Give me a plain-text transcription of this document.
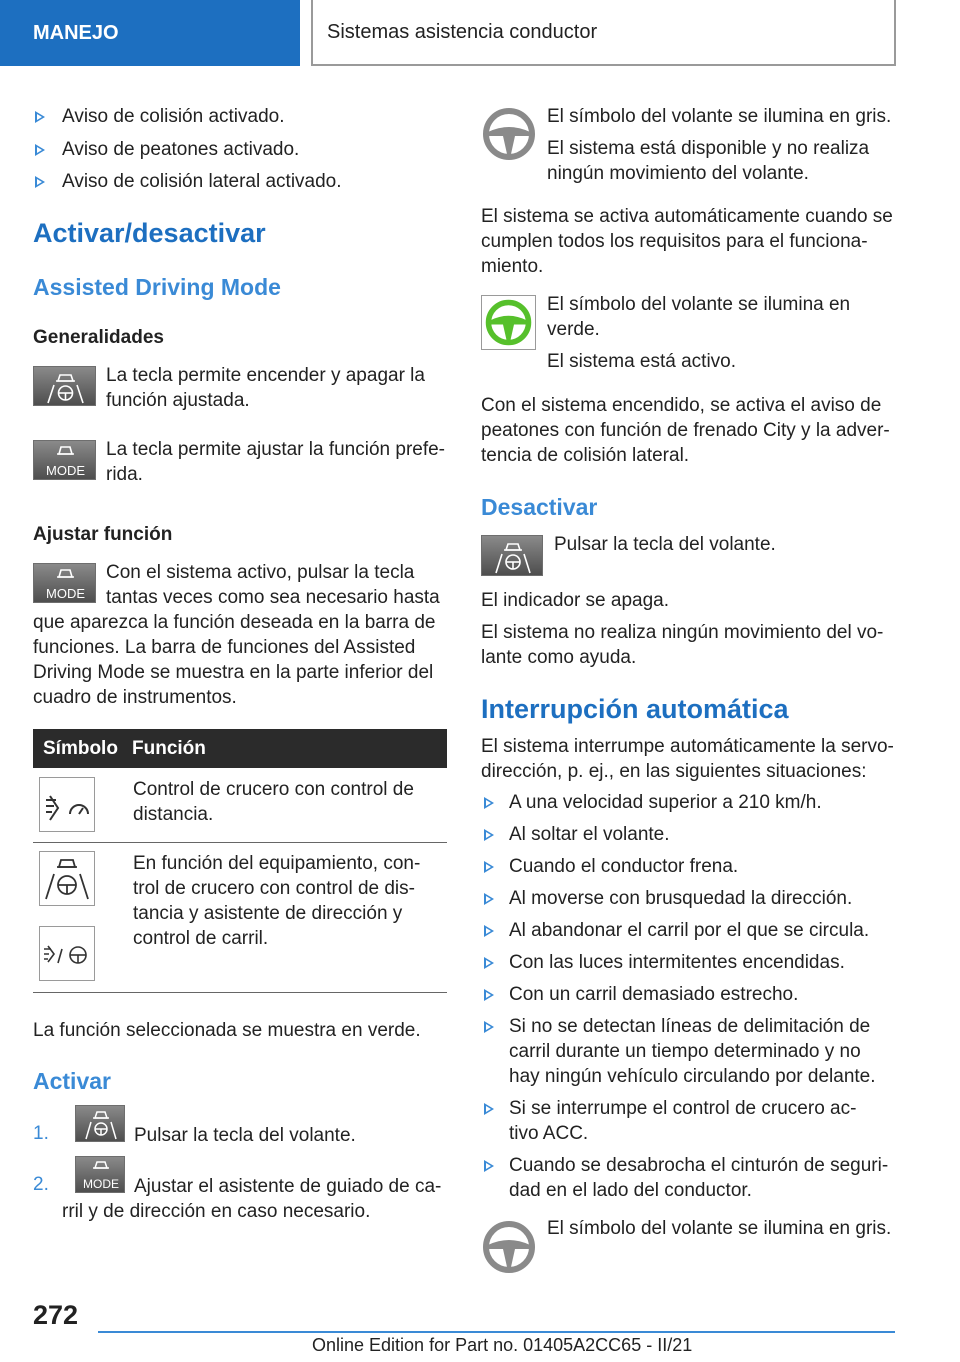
MANEJO	Sistemas asistencia conductor
Aviso de colisión activado.
Aviso de peatones activado.
Aviso de colisión lateral activado.
Activar/desactivar
Assisted Driving Mode
Generalidades
La tecla permite encender y apagar la
función ajustada.
MODE
La tecla permite ajustar la función prefe-
rida.
Ajustar función
MODE
Con el sistema activo, pulsar la tecla
tantas veces como sea necesario hasta
que aparezca la función deseada en la barra de
funciones. La barra de funciones del Assisted
Driving Mode se muestra en la parte inferior del
cuadro de instrumentos.
Símbolo Función
Control de crucero con control de
distancia.
En función del equipamiento, con-
trol de crucero con control de dis-
tancia y asistente de dirección y
control de carril.
La función seleccionada se muestra en verde.
Activar
1.	Pulsar la tecla del volante.
2.	MODE Ajustar el asistente de guiado de ca-
rril y de dirección en caso necesario.
El símbolo del volante se ilumina en gris.
El sistema está disponible y no realiza
ningún movimiento del volante.
El sistema se activa automáticamente cuando se
cumplen todos los requisitos para el funciona-
miento.
El símbolo del volante se ilumina en
verde.
El sistema está activo.
Con el sistema encendido, se activa el aviso de
peatones con función de frenado City y la adver-
tencia de colisión lateral.
Desactivar
Pulsar la tecla del volante.
El indicador se apaga.
El sistema no realiza ningún movimiento del vo-
lante como ayuda.
Interrupción automática
El sistema interrumpe automáticamente la servo-
dirección, p. ej., en las siguientes situaciones:
A una velocidad superior a 210 km/h.
Al soltar el volante.
Cuando el conductor frena.
Al moverse con brusquedad la dirección.
Al abandonar el carril por el que se circula.
Con las luces intermitentes encendidas.
Con un carril demasiado estrecho.
Si no se detectan líneas de delimitación de
carril durante un tiempo determinado y no
hay ningún vehículo circulando por delante.
Si se interrumpe el control de crucero ac-
tivo ACC.
Cuando se desabrocha el cinturón de seguri-
dad en el lado del conductor.
El símbolo del volante se ilumina en gris.
272
Online Edition for Part no. 01405A2CC65 - II/21
